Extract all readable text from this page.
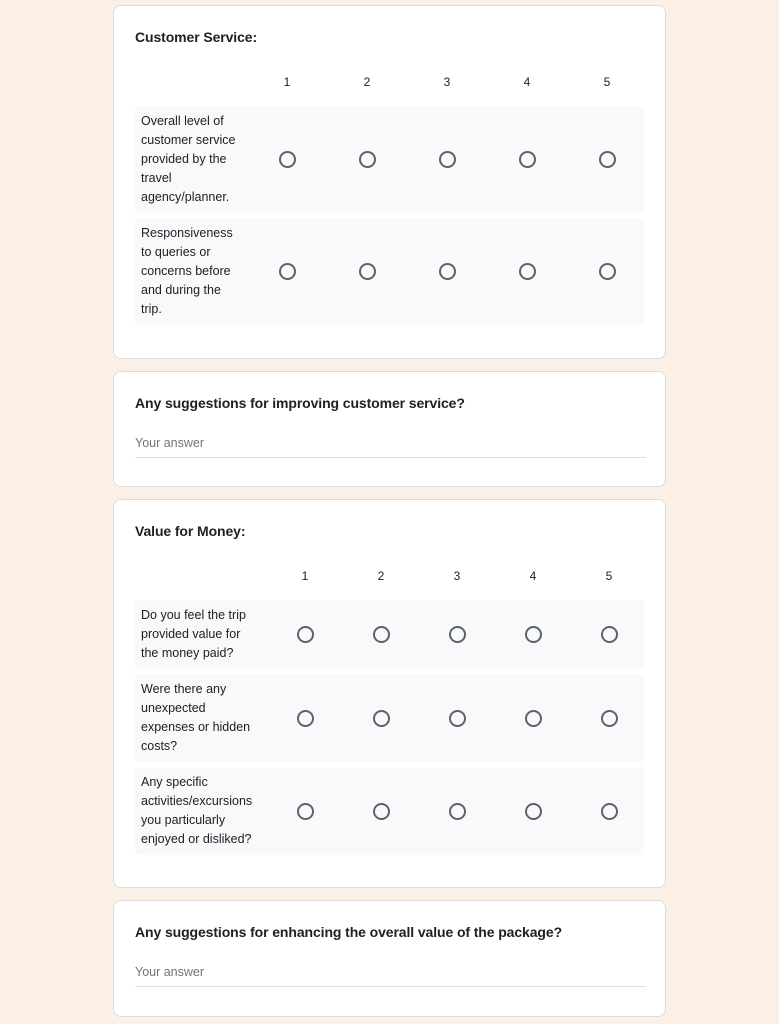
Customer Service:
1	2	3	4	5
Overall level of customer service provided by the travel agency/planner.
Responsiveness to queries or concerns before and during the trip.
Any suggestions for improving customer service?
Your answer
Value for Money:
1	2	3	4	5
Do you feel the trip provided value for the money paid?
Were there any unexpected expenses or hidden costs?
Any specific activities/excursions you particularly enjoyed or disliked?
Any suggestions for enhancing the overall value of the package?
Your answer
